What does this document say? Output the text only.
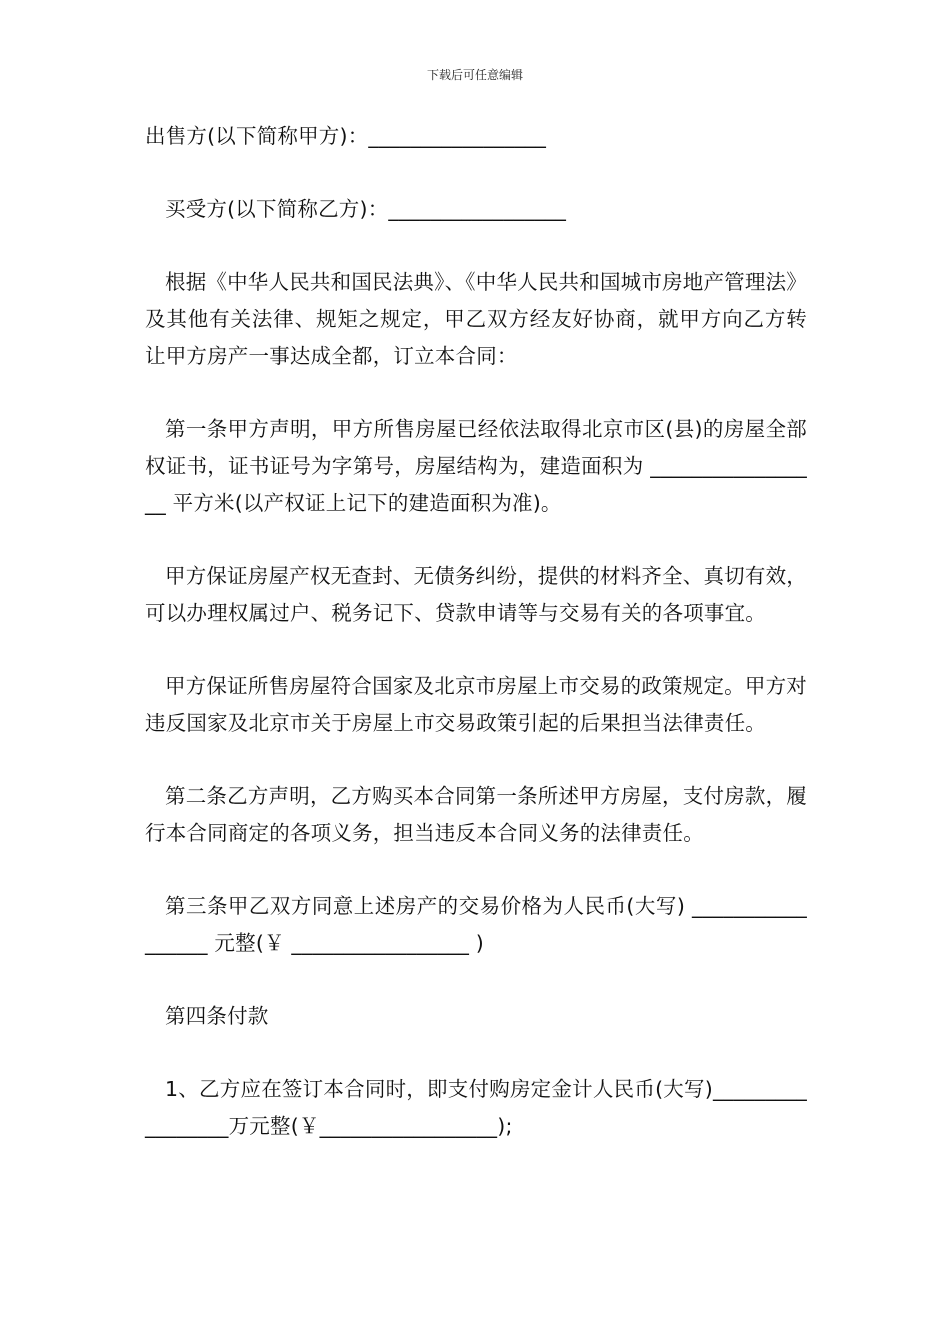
下载后可任意编辑

出售方(以下简称甲方)：_________________

买受方(以下简称乙方)：_________________

根据《中华人民共和国民法典》、《中华人民共和国城市房地产管理法》及其他有关法律、规矩之规定，甲乙双方经友好协商，就甲方向乙方转让甲方房产一事达成全都，订立本合同：

第一条甲方声明，甲方所售房屋已经依法取得北京市区(县)的房屋全部权证书，证书证号为字第号，房屋结构为，建造面积为 _________________ 平方米(以产权证上记下的建造面积为准)。

甲方保证房屋产权无查封、无债务纠纷，提供的材料齐全、真切有效，可以办理权属过户、税务记下、贷款申请等与交易有关的各项事宜。

甲方保证所售房屋符合国家及北京市房屋上市交易的政策规定。甲方对违反国家及北京市关于房屋上市交易政策引起的后果担当法律责任。

第二条乙方声明，乙方购买本合同第一条所述甲方房屋，支付房款，履行本合同商定的各项义务，担当违反本合同义务的法律责任。

第三条甲乙双方同意上述房产的交易价格为人民币(大写) _________________ 元整(￥ _________________ )

第四条付款

1、乙方应在签订本合同时，即支付购房定金计人民币(大写)_________________万元整(￥_________________);
